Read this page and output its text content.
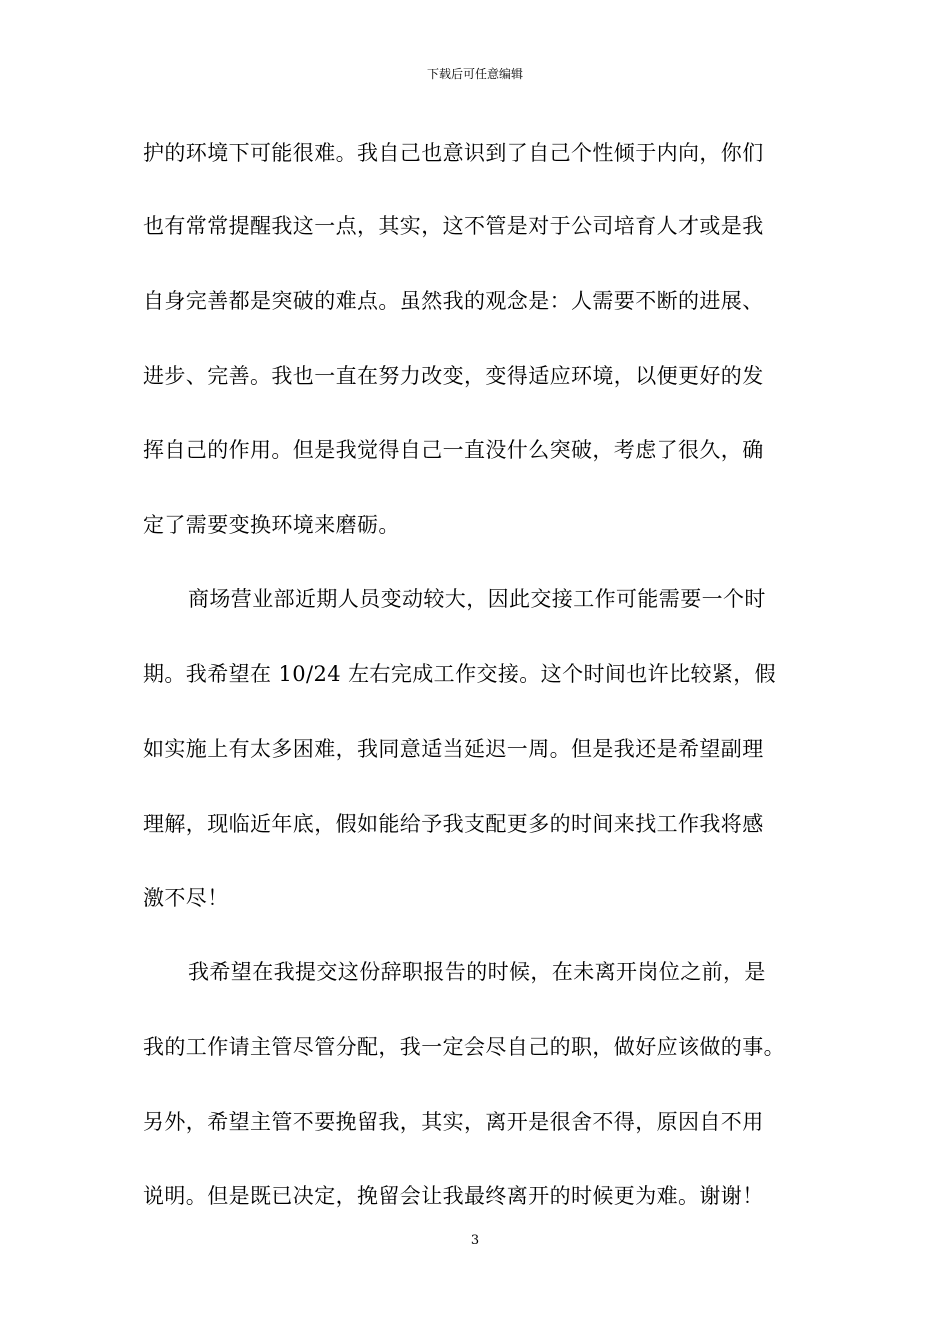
下载后可任意编辑
护的环境下可能很难。我自己也意识到了自己个性倾于内向，你们
也有常常提醒我这一点，其实，这不管是对于公司培育人才或是我
自身完善都是突破的难点。虽然我的观念是：人需要不断的进展、
进步、完善。我也一直在努力改变，变得适应环境，以便更好的发
挥自己的作用。但是我觉得自己一直没什么突破，考虑了很久，确
定了需要变换环境来磨砺。
商场营业部近期人员变动较大，因此交接工作可能需要一个时
期。我希望在 10/24 左右完成工作交接。这个时间也许比较紧，假
如实施上有太多困难，我同意适当延迟一周。但是我还是希望副理
理解，现临近年底，假如能给予我支配更多的时间来找工作我将感
激不尽！
我希望在我提交这份辞职报告的时候，在未离开岗位之前，是
我的工作请主管尽管分配，我一定会尽自己的职，做好应该做的事。
另外，希望主管不要挽留我，其实，离开是很舍不得，原因自不用
说明。但是既已决定，挽留会让我最终离开的时候更为难。谢谢！
3
